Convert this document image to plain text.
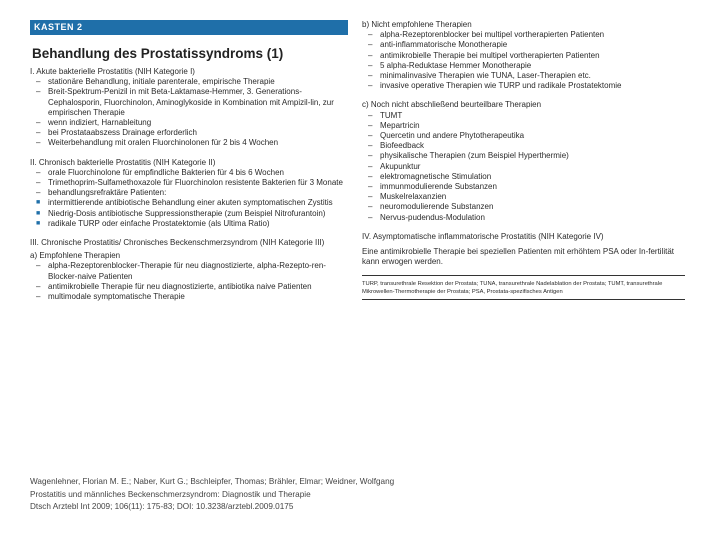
KASTEN 2
Behandlung des Prostatissyndroms (1)
I. Akute bakterielle Prostatitis (NIH Kategorie I)
– stationäre Behandlung, initiale parenterale, empirische Therapie
– Breit-Spektrum-Penizil in mit Beta-Laktamase-Hemmer, 3. Generations-Cephalosporin, Fluorchinolon, Aminoglykoside in Kombination mit Ampizil-lin, zur empirischen Therapie
– wenn indiziert, Harnableitung
– bei Prostataabszess Drainage erforderlich
– Weiterbehandlung mit oralen Fluorchinolonen für 2 bis 4 Wochen
II. Chronisch bakterielle Prostatitis (NIH Kategorie II)
– orale Fluorchinolone für empfindliche Bakterien für 4 bis 6 Wochen
– Trimethoprim-Sulfamethoxazole für Fluorchinolon resistente Bakterien für 3 Monate
– behandlungsrefraktäre Patienten:
■ intermittierende antibiotische Behandlung einer akuten symptomatischen Zystitis
■ Niedrig-Dosis antibiotische Suppressionstherapie (zum Beispiel Nitrofurantoin)
■ radikale TURP oder einfache Prostatektomie (als Ultima Ratio)
III. Chronische Prostatitis/ Chronisches Beckenschmerzsyndrom (NIH Kategorie III)
a) Empfohlene Therapien
– alpha-Rezeptorenblocker-Therapie für neu diagnostizierte, alpha-Rezepto-ren-Blocker-naive Patienten
– antimikrobielle Therapie für neu diagnostizierte, antibiotika naive Patienten
– multimodale symptomatische Therapie
b) Nicht empfohlene Therapien
– alpha-Rezeptorenblocker bei multipel vortherapierten Patienten
– anti-inflammatorische Monotherapie
– antimikrobielle Therapie bei multipel vortherapierten Patienten
– 5 alpha-Reduktase Hemmer Monotherapie
– minimalinvasive Therapien wie TUNA, Laser-Therapien etc.
– invasive operative Therapien wie TURP und radikale Prostatektomie
c) Noch nicht abschließend beurteilbare Therapien
– TUMT
– Mepartricin
– Quercetin und andere Phytotherapeutika
– Biofeedback
– physikalische Therapien (zum Beispiel Hyperthermie)
– Akupunktur
– elektromagnetische Stimulation
– immunmodulierende Substanzen
– Muskelrelaxanzien
– neuromodulierende Substanzen
– Nervus-pudendus-Modulation
IV. Asymptomatische inflammatorische Prostatitis (NIH Kategorie IV)
Eine antimikrobielle Therapie bei speziellen Patienten mit erhöhtem PSA oder In-fertilität kann erwogen werden.
TURP, transurethrale Resektion der Prostata; TUNA, transurethrale Nadelablation der Prostata; TUMT, transurethrale Mikrowellen-Thermotherapie der Prostata; PSA, Prostata-spezifisches Antigen
Wagenlehner, Florian M. E.; Naber, Kurt G.; Bschleipfer, Thomas; Brähler, Elmar; Weidner, Wolfgang
Prostatitis und männliches Beckenschmerzsyndrom: Diagnostik und Therapie
Dtsch Arztebl Int 2009; 106(11): 175-83; DOI: 10.3238/arztebl.2009.0175
